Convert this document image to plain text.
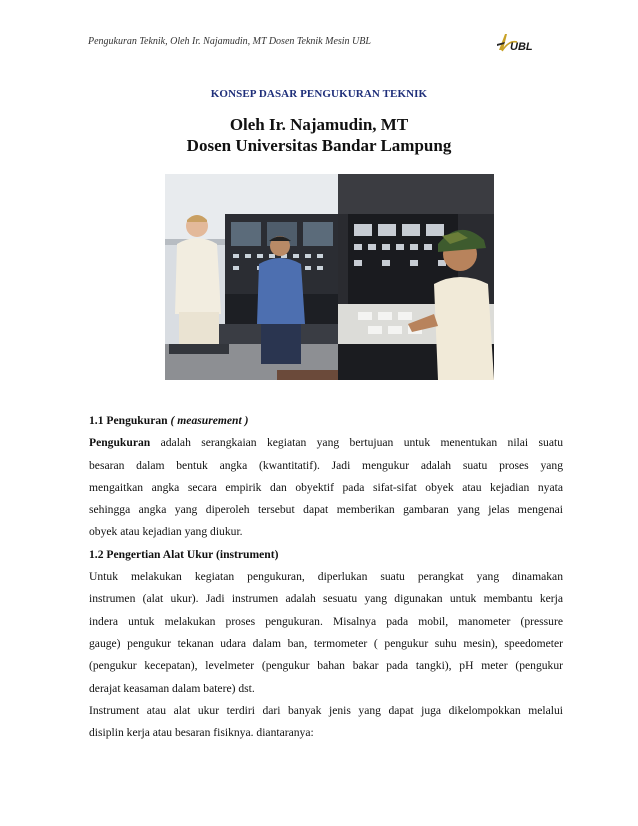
Pengukuran Teknik, Oleh Ir. Najamudin, MT Dosen Teknik Mesin UBL	UBL
KONSEP DASAR PENGUKURAN TEKNIK
Oleh Ir. Najamudin, MT
Dosen Universitas Bandar Lampung
1.1 Pengukuran ( measurement )
Pengukuran adalah serangkaian kegiatan yang bertujuan untuk menentukan nilai suatu
besaran dalam bentuk angka (kwantitatif). Jadi mengukur adalah suatu proses yang
mengaitkan angka secara empirik dan obyektif pada sifat-sifat obyek atau kejadian nyata
sehingga angka yang diperoleh tersebut dapat memberikan gambaran yang jelas mengenai
obyek atau kejadian yang diukur.
1.2 Pengertian Alat Ukur (instrument)
Untuk melakukan kegiatan pengukuran, diperlukan suatu perangkat yang dinamakan
instrumen (alat ukur). Jadi instrumen adalah sesuatu yang digunakan untuk membantu kerja
indera untuk melakukan proses pengukuran. Misalnya pada mobil, manometer (pressure
gauge) pengukur tekanan udara dalam ban, termometer ( pengukur suhu mesin), speedometer
(pengukur kecepatan), levelmeter (pengukur bahan bakar pada tangki), pH meter (pengukur
derajat keasaman dalam batere) dst.
Instrument atau alat ukur terdiri dari banyak jenis yang dapat juga dikelompokkan melalui
disiplin kerja atau besaran fisiknya. diantaranya:
